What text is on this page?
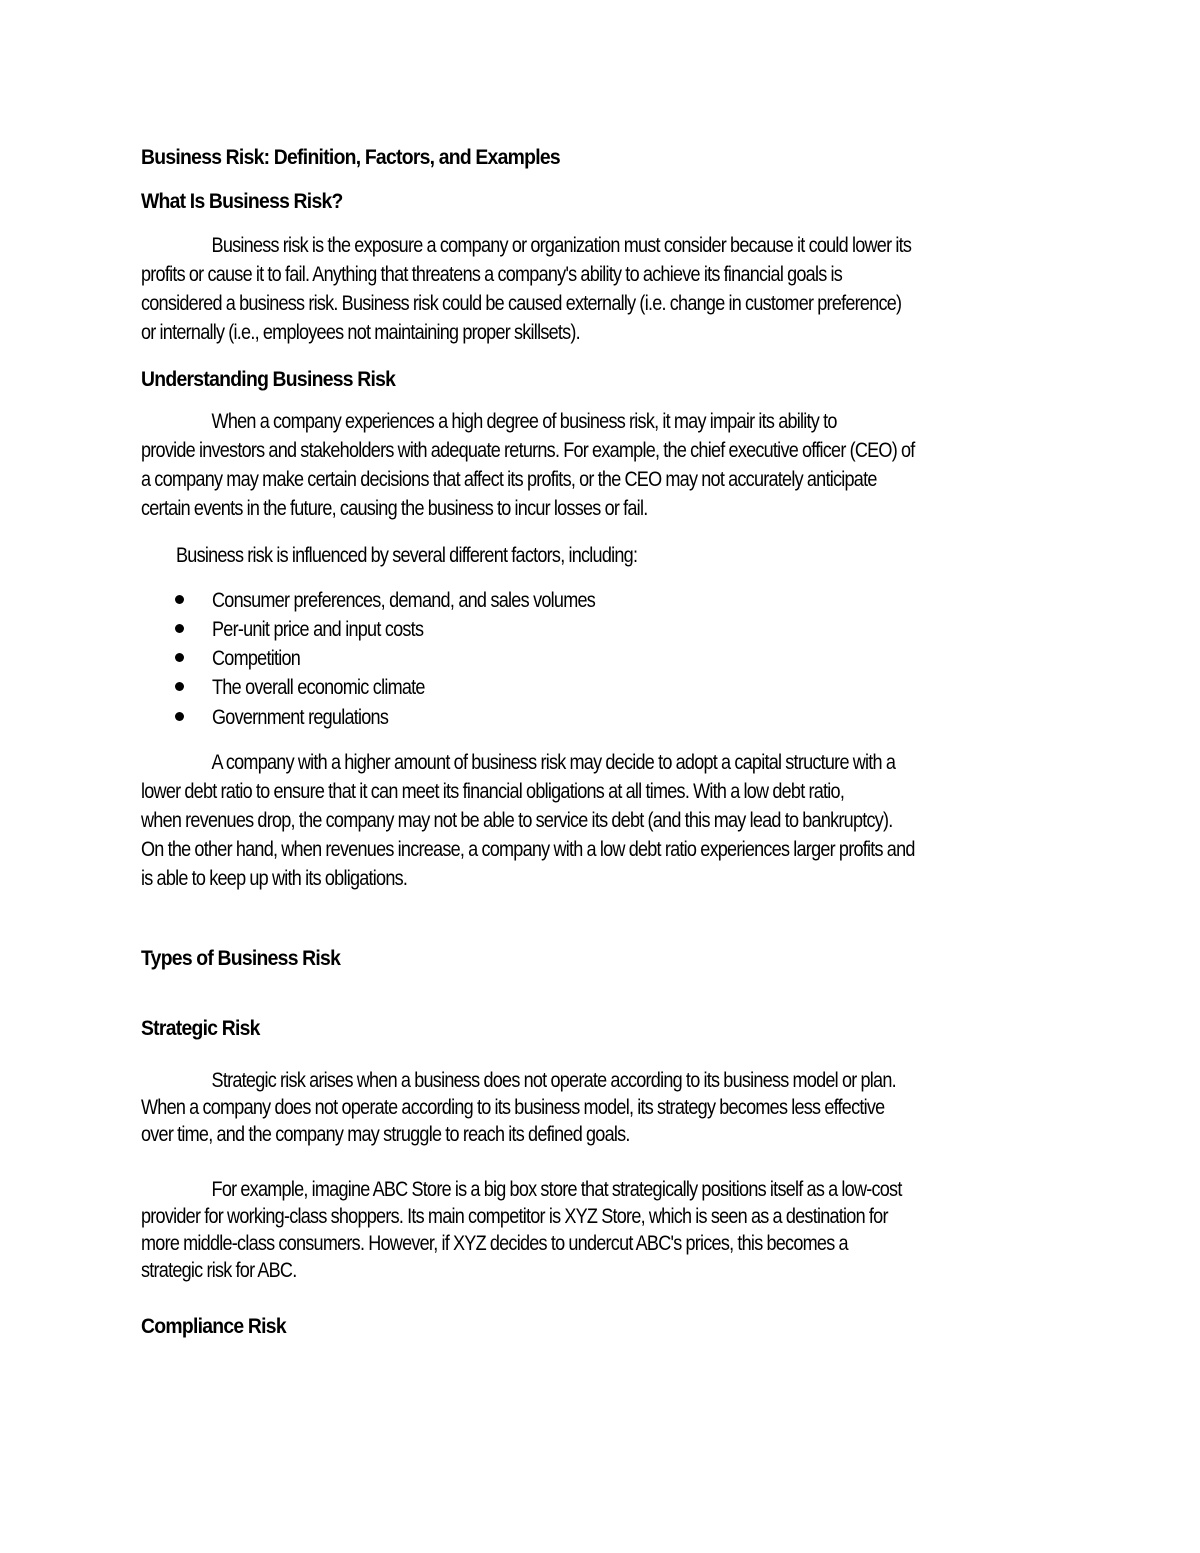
Business Risk: Definition, Factors, and Examples
What Is Business Risk?
Business risk is the exposure a company or organization must consider because it could lower its
profits or cause it to fail. Anything that threatens a company's ability to achieve its financial goals is
considered a business risk. Business risk could be caused externally (i.e. change in customer preference)
or internally (i.e., employees not maintaining proper skillsets).
Understanding Business Risk
When a company experiences a high degree of business risk, it may impair its ability to
provide investors and stakeholders with adequate returns. For example, the chief executive officer (CEO) of
a company may make certain decisions that affect its profits, or the CEO may not accurately anticipate
certain events in the future, causing the business to incur losses or fail.
Business risk is influenced by several different factors, including:
Consumer preferences, demand, and sales volumes
Per-unit price and input costs
Competition
The overall economic climate
Government regulations
A company with a higher amount of business risk may decide to adopt a capital structure with a
lower debt ratio to ensure that it can meet its financial obligations at all times. With a low debt ratio,
when revenues drop, the company may not be able to service its debt (and this may lead to bankruptcy).
On the other hand, when revenues increase, a company with a low debt ratio experiences larger profits and
is able to keep up with its obligations.
Types of Business Risk
Strategic Risk
Strategic risk arises when a business does not operate according to its business model or plan.
When a company does not operate according to its business model, its strategy becomes less effective
over time, and the company may struggle to reach its defined goals.
For example, imagine ABC Store is a big box store that strategically positions itself as a low-cost
provider for working-class shoppers. Its main competitor is XYZ Store, which is seen as a destination for
more middle-class consumers. However, if XYZ decides to undercut ABC's prices, this becomes a
strategic risk for ABC.
Compliance Risk
